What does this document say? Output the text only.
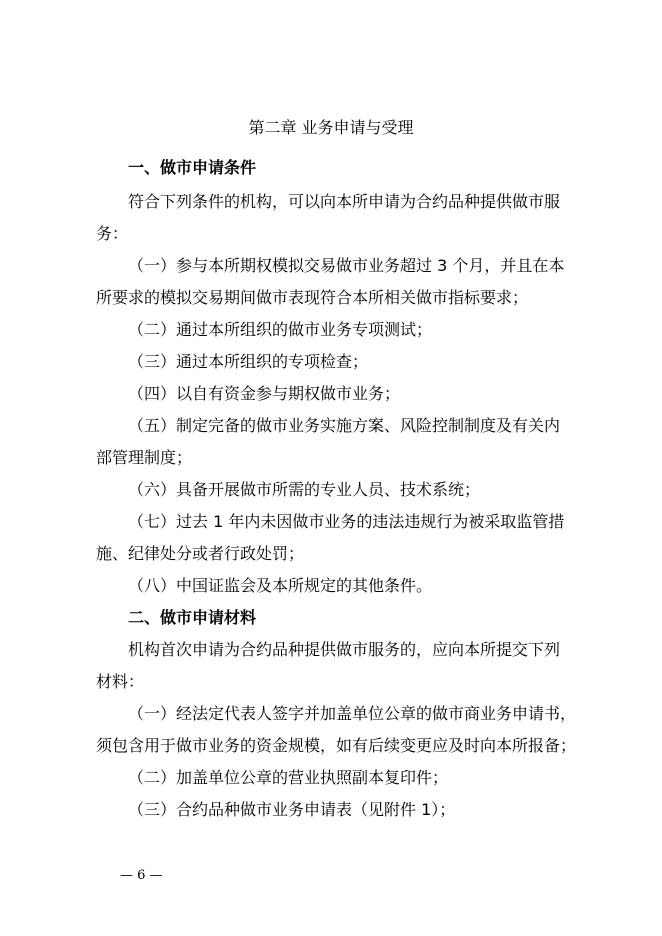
第二章 业务申请与受理
一、做市申请条件
符合下列条件的机构，可以向本所申请为合约品种提供做市服
务：
（一）参与本所期权模拟交易做市业务超过 3 个月，并且在本
所要求的模拟交易期间做市表现符合本所相关做市指标要求；
（二）通过本所组织的做市业务专项测试；
（三）通过本所组织的专项检查；
（四）以自有资金参与期权做市业务；
（五）制定完备的做市业务实施方案、风险控制制度及有关内
部管理制度；
（六）具备开展做市所需的专业人员、技术系统；
（七）过去 1 年内未因做市业务的违法违规行为被采取监管措
施、纪律处分或者行政处罚；
（八）中国证监会及本所规定的其他条件。
二、做市申请材料
机构首次申请为合约品种提供做市服务的，应向本所提交下列
材料：
（一）经法定代表人签字并加盖单位公章的做市商业务申请书，
须包含用于做市业务的资金规模，如有后续变更应及时向本所报备；
（二）加盖单位公章的营业执照副本复印件；
（三）合约品种做市业务申请表（见附件 1）；
— 6 —
